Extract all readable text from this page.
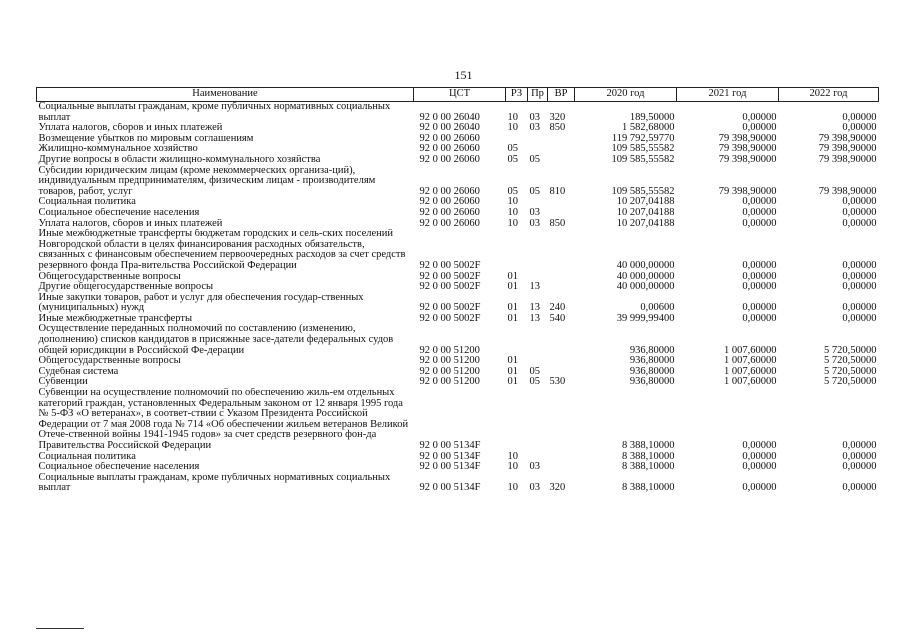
151
Наименование	ЦСТ	РЗ	Пр	ВР	2020 год	2021 год	2022 год
Социальные выплаты гражданам, кроме публичных нормативных социальных выплат	92 0 00 26040	10	03	320	189,50000	0,00000	0,00000
Уплата налогов, сборов и иных платежей	92 0 00 26040	10	03	850	1 582,68000	0,00000	0,00000
Возмещение убытков по мировым соглашениям	92 0 00 26060				119 792,59770	79 398,90000	79 398,90000
Жилищно-коммунальное хозяйство	92 0 00 26060	05			109 585,55582	79 398,90000	79 398,90000
Другие вопросы в области жилищно-коммунального хозяйства	92 0 00 26060	05	05		109 585,55582	79 398,90000	79 398,90000
Субсидии юридическим лицам (кроме некоммерческих организа-ций), индивидуальным предпринимателям, физическим лицам - производителям товаров, работ, услуг	92 0 00 26060	05	05	810	109 585,55582	79 398,90000	79 398,90000
Социальная политика	92 0 00 26060	10			10 207,04188	0,00000	0,00000
Социальное обеспечение населения	92 0 00 26060	10	03		10 207,04188	0,00000	0,00000
Уплата налогов, сборов и иных платежей	92 0 00 26060	10	03	850	10 207,04188	0,00000	0,00000
Иные межбюджетные трансферты бюджетам городских и сель-ских поселений Новгородской области в целях финансирования расходных обязательств, связанных с финансовым обеспечением первоочередных расходов за счет средств резервного фонда Пра-вительства Российской Федерации	92 0 00 5002F				40 000,00000	0,00000	0,00000
Общегосударственные вопросы	92 0 00 5002F	01			40 000,00000	0,00000	0,00000
Другие общегосударственные вопросы	92 0 00 5002F	01	13		40 000,00000	0,00000	0,00000
Иные закупки товаров, работ и услуг для обеспечения государ-ственных (муниципальных) нужд	92 0 00 5002F	01	13	240	0,00600	0,00000	0,00000
Иные межбюджетные трансферты	92 0 00 5002F	01	13	540	39 999,99400	0,00000	0,00000
Осуществление переданных полномочий по составлению (изменению, дополнению) списков кандидатов в присяжные засе-датели федеральных судов общей юрисдикции в Российской Фе-дерации	92 0 00 51200				936,80000	1 007,60000	5 720,50000
Общегосударственные вопросы	92 0 00 51200	01			936,80000	1 007,60000	5 720,50000
Судебная система	92 0 00 51200	01	05		936,80000	1 007,60000	5 720,50000
Субвенции	92 0 00 51200	01	05	530	936,80000	1 007,60000	5 720,50000
Субвенции на осуществление полномочий по обеспечению жиль-ем отдельных категорий граждан, установленных Федеральным законом от 12 января 1995 года № 5-ФЗ «О ветеранах», в соответ-ствии с Указом Президента Российской Федерации от 7 мая 2008 года № 714 «Об обеспечении жильем ветеранов Великой Отече-ственной войны 1941-1945 годов» за счет средств резервного фон-да Правительства Российской Федерации	92 0 00 5134F				8 388,10000	0,00000	0,00000
Социальная политика	92 0 00 5134F	10			8 388,10000	0,00000	0,00000
Социальное обеспечение населения	92 0 00 5134F	10	03		8 388,10000	0,00000	0,00000
Социальные выплаты гражданам, кроме публичных нормативных социальных выплат	92 0 00 5134F	10	03	320	8 388,10000	0,00000	0,00000
